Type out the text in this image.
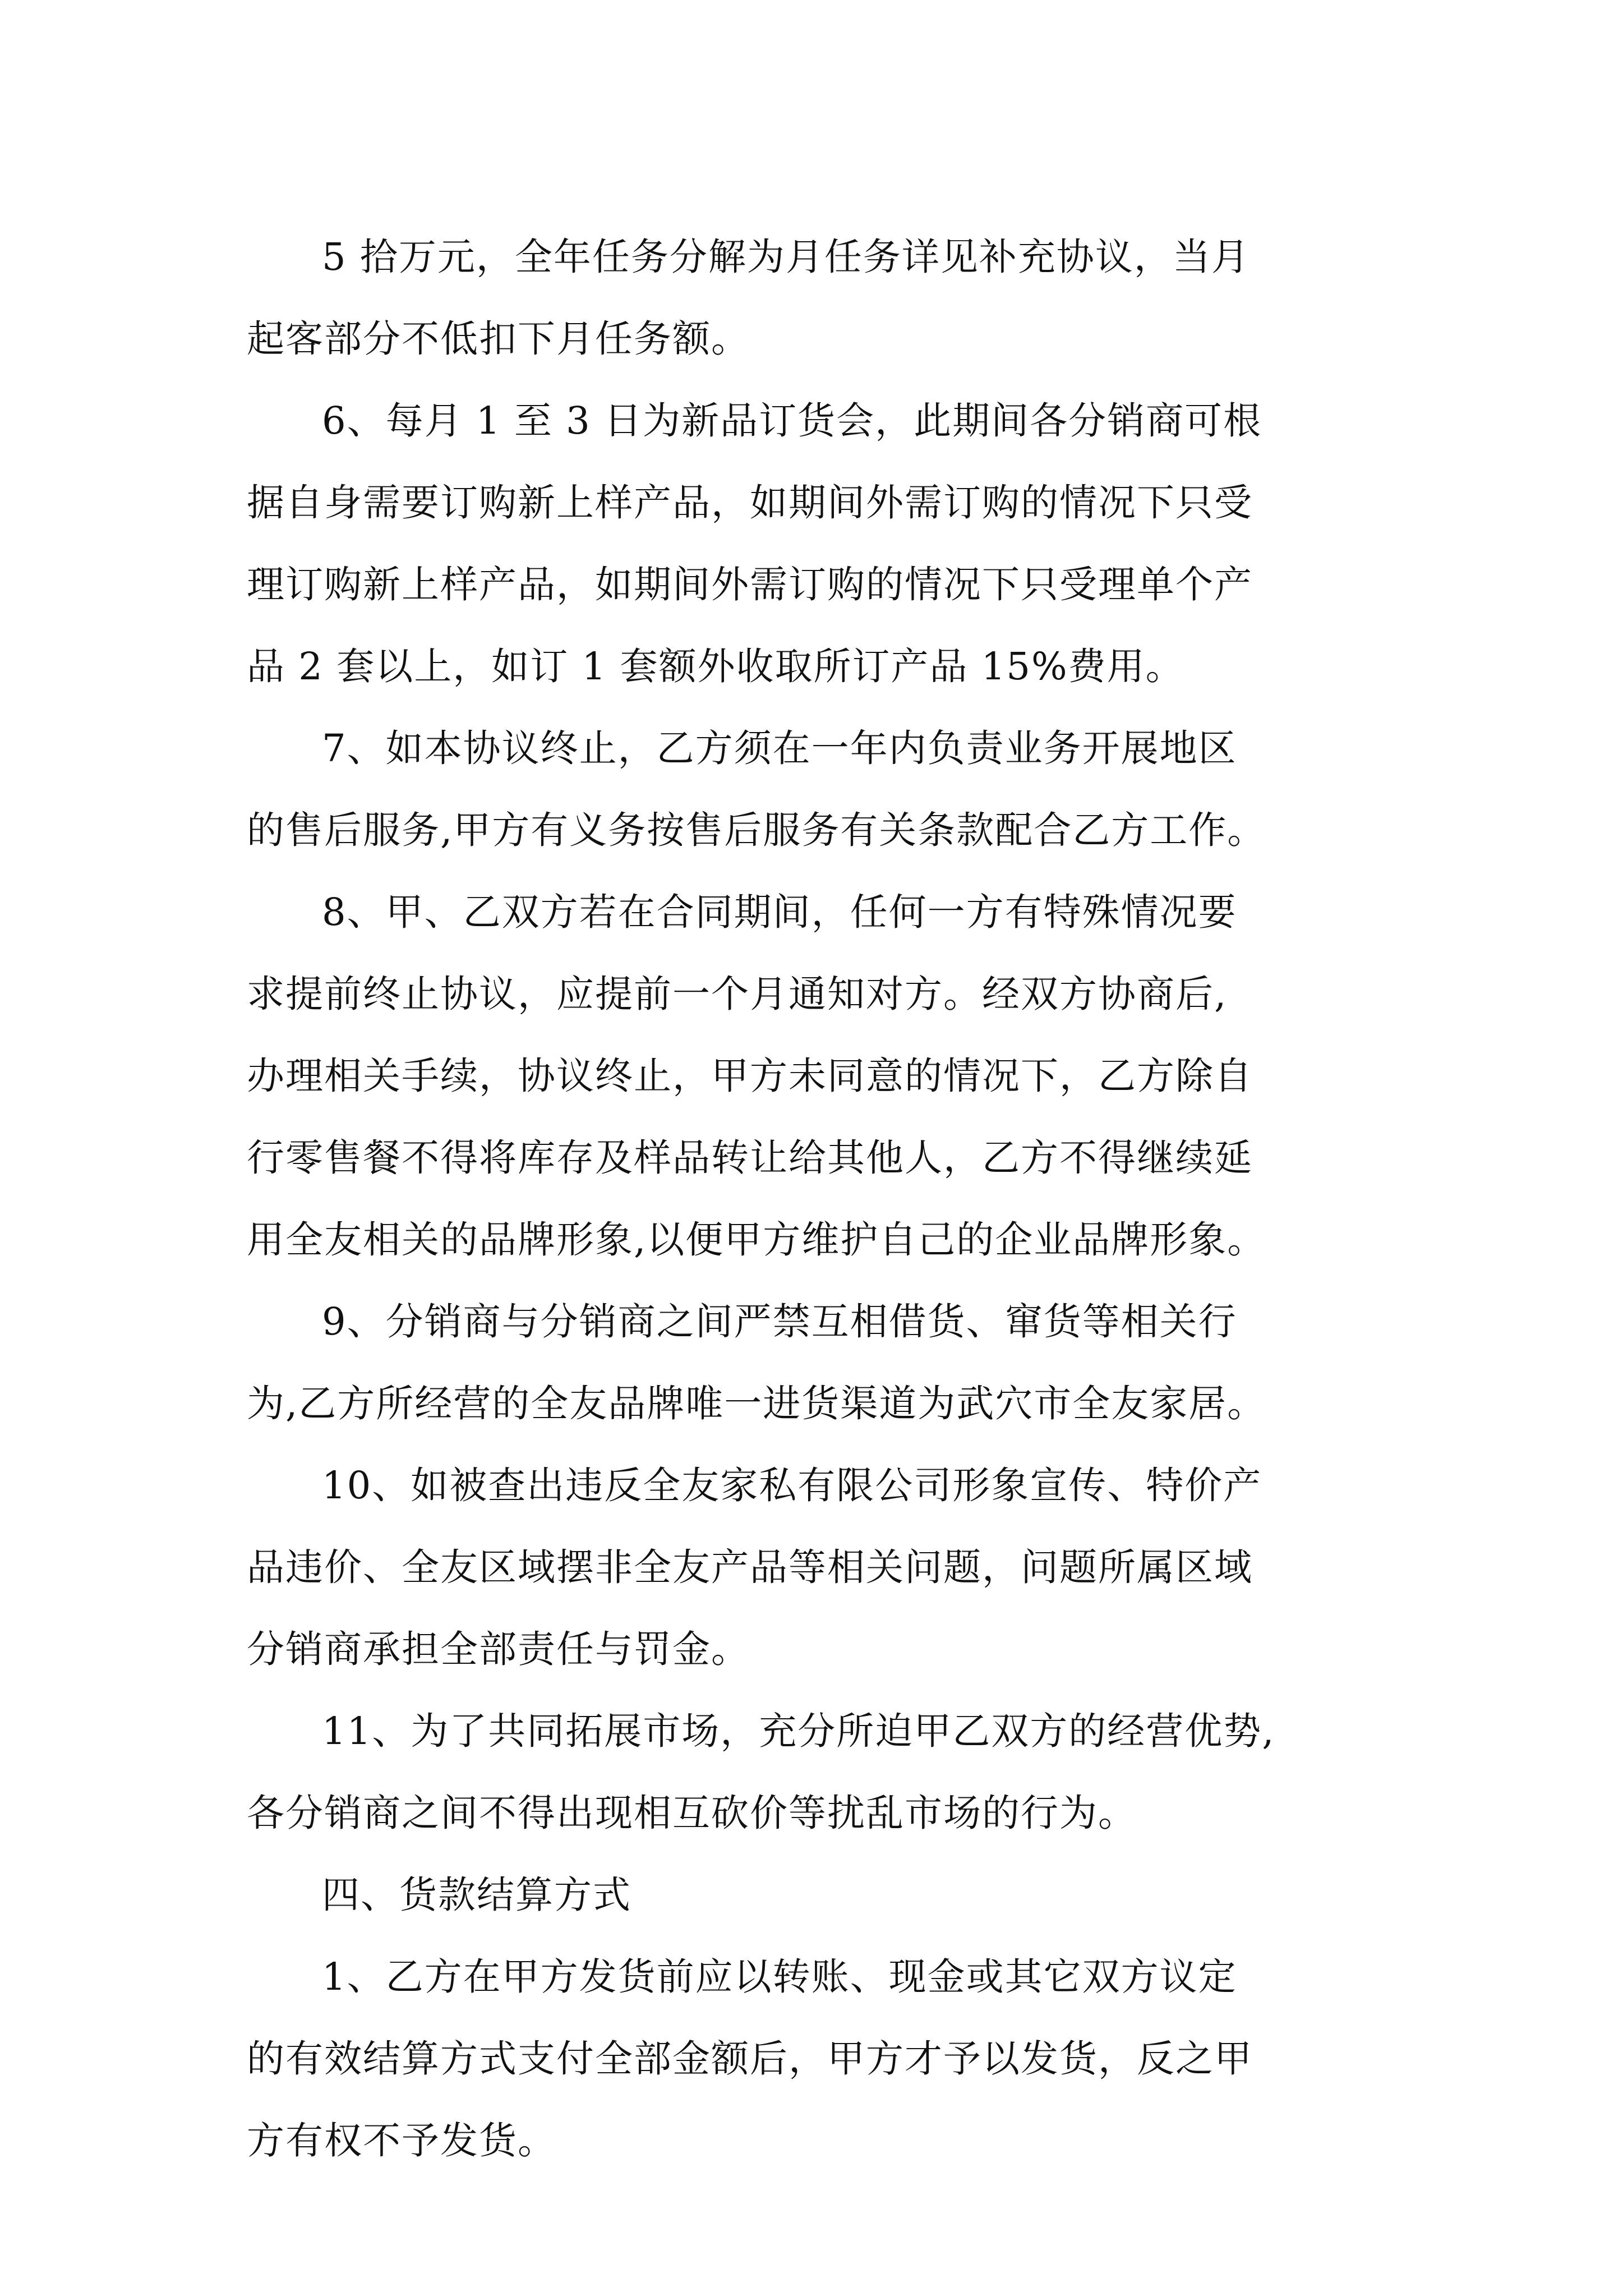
5 拾万元，全年任务分解为月任务详见补充协议，当月
起客部分不低扣下月任务额。
6、每月 1 至 3 日为新品订货会，此期间各分销商可根
据自身需要订购新上样产品，如期间外需订购的情况下只受
理订购新上样产品，如期间外需订购的情况下只受理单个产
品 2 套以上，如订 1 套额外收取所订产品 15%费用。
7、如本协议终止，乙方须在一年内负责业务开展地区
的售后服务,甲方有义务按售后服务有关条款配合乙方工作。
8、甲、乙双方若在合同期间，任何一方有特殊情况要
求提前终止协议，应提前一个月通知对方。经双方协商后,
办理相关手续，协议终止，甲方未同意的情况下，乙方除自
行零售餐不得将库存及样品转让给其他人，乙方不得继续延
用全友相关的品牌形象,以便甲方维护自己的企业品牌形象。
9、分销商与分销商之间严禁互相借货、窜货等相关行
为,乙方所经营的全友品牌唯一进货渠道为武穴市全友家居。
10、如被查出违反全友家私有限公司形象宣传、特价产
品违价、全友区域摆非全友产品等相关问题，问题所属区域
分销商承担全部责任与罚金。
11、为了共同拓展市场，充分所迫甲乙双方的经营优势,
各分销商之间不得出现相互砍价等扰乱市场的行为。
四、货款结算方式
1、乙方在甲方发货前应以转账、现金或其它双方议定
的有效结算方式支付全部金额后，甲方才予以发货，反之甲
方有权不予发货。
